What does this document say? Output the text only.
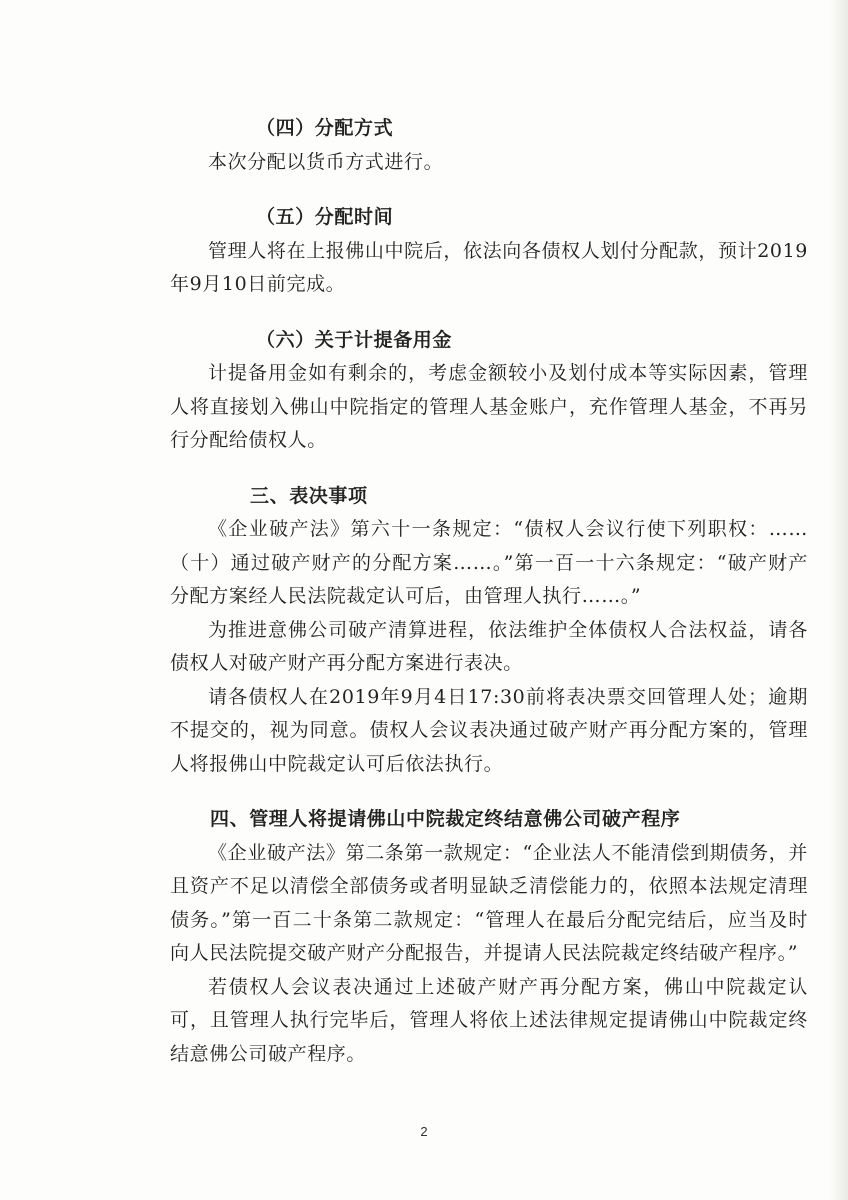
（四）分配方式

本次分配以货币方式进行。

（五）分配时间

管理人将在上报佛山中院后，依法向各债权人划付分配款，预计2019年9月10日前完成。

（六）关于计提备用金

计提备用金如有剩余的，考虑金额较小及划付成本等实际因素，管理人将直接划入佛山中院指定的管理人基金账户，充作管理人基金，不再另行分配给债权人。

三、表决事项

《企业破产法》第六十一条规定：“债权人会议行使下列职权：……（十）通过破产财产的分配方案……。”第一百一十六条规定：“破产财产分配方案经人民法院裁定认可后，由管理人执行……。”

为推进意佛公司破产清算进程，依法维护全体债权人合法权益，请各债权人对破产财产再分配方案进行表决。

请各债权人在2019年9月4日17:30前将表决票交回管理人处；逾期不提交的，视为同意。债权人会议表决通过破产财产再分配方案的，管理人将报佛山中院裁定认可后依法执行。

四、管理人将提请佛山中院裁定终结意佛公司破产程序

《企业破产法》第二条第一款规定：“企业法人不能清偿到期债务，并且资产不足以清偿全部债务或者明显缺乏清偿能力的，依照本法规定清理债务。”第一百二十条第二款规定：“管理人在最后分配完结后，应当及时向人民法院提交破产财产分配报告，并提请人民法院裁定终结破产程序。”

若债权人会议表决通过上述破产财产再分配方案，佛山中院裁定认可，且管理人执行完毕后，管理人将依上述法律规定提请佛山中院裁定终结意佛公司破产程序。

2
